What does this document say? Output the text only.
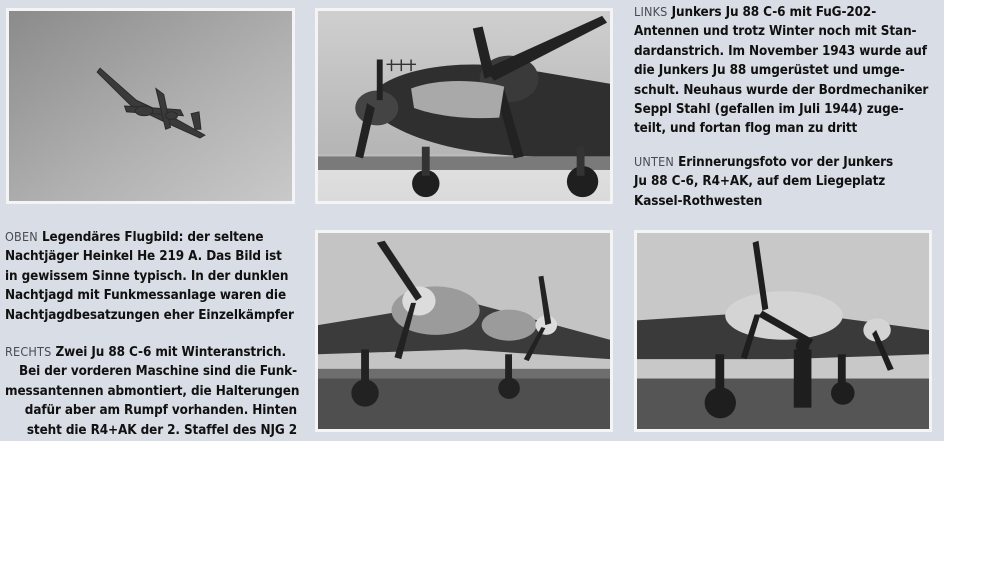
LINKS Junkers Ju 88 C-6 mit FuG-202-
Antennen und trotz Winter noch mit Stan-
dardanstrich. Im November 1943 wurde auf
die Junkers Ju 88 umgerüstet und umge-
schult. Neuhaus wurde der Bordmechaniker
Seppl Stahl (gefallen im Juli 1944) zuge-
teilt, und fortan flog man zu dritt
UNTEN Erinnerungsfoto vor der Junkers
Ju 88 C-6, R4+AK, auf dem Liegeplatz
Kassel-Rothwesten
OBEN Legendäres Flugbild: der seltene
Nachtjäger Heinkel He 219 A. Das Bild ist
in gewissem Sinne typisch. In der dunklen
Nachtjagd mit Funkmessanlage waren die
Nachtjagdbesatzungen eher Einzelkämpfer
RECHTS Zwei Ju 88 C-6 mit Winteranstrich.
Bei der vorderen Maschine sind die Funk-
messantennen abmontiert, die Halterungen
dafür aber am Rumpf vorhanden. Hinten
steht die R4+AK der 2. Staffel des NJG 2
